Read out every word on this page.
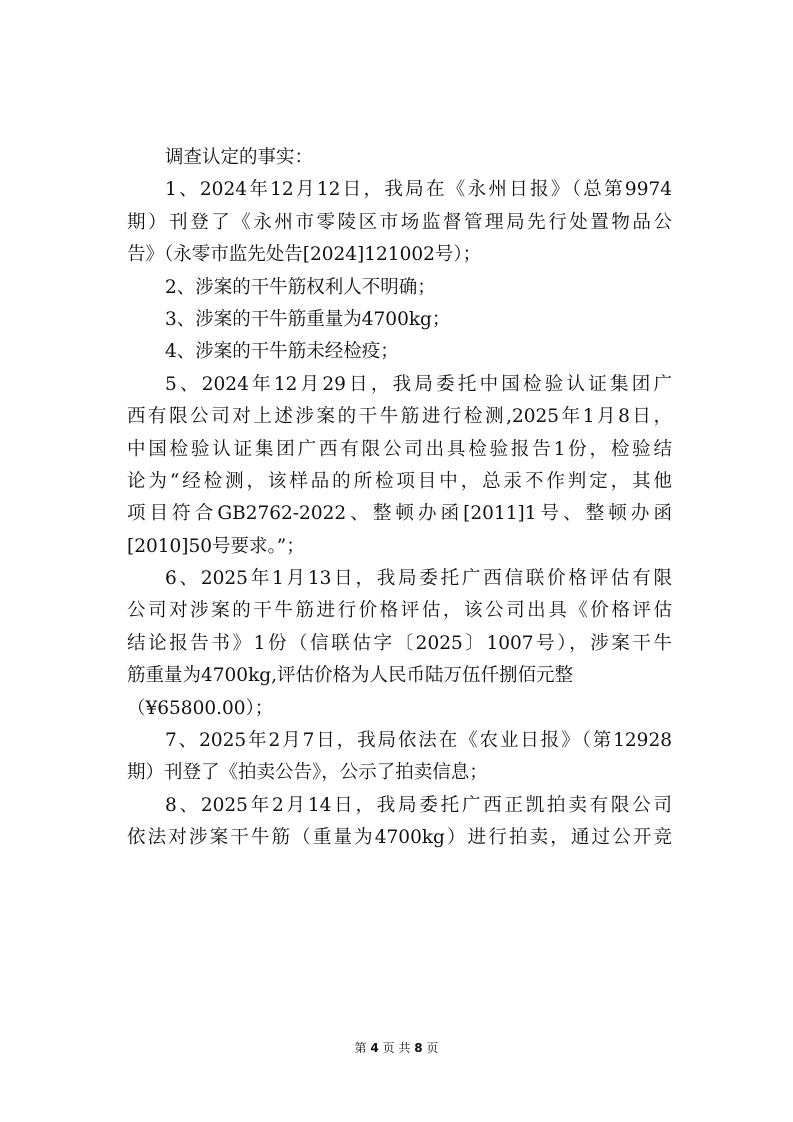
调查认定的事实：
1、2024年12月12日，我局在《永州日报》（总第9974
期）刊登了《永州市零陵区市场监督管理局先行处置物品公
告》（永零市监先处告[2024]121002号）；
2、涉案的干牛筋权利人不明确；
3、涉案的干牛筋重量为4700kg；
4、涉案的干牛筋未经检疫；
5、2024年12月29日，我局委托中国检验认证集团广
西有限公司对上述涉案的干牛筋进行检测,2025年1月8日，
中国检验认证集团广西有限公司出具检验报告1份，检验结
论为“经检测，该样品的所检项目中，总汞不作判定，其他
项目符合GB2762-2022、整顿办函[2011]1号、整顿办函
[2010]50号要求。”；
6、2025年1月13日，我局委托广西信联价格评估有限
公司对涉案的干牛筋进行价格评估，该公司出具《价格评估
结论报告书》1份（信联估字〔2025〕1007号），涉案干牛
筋重量为4700kg,评估价格为人民币陆万伍仟捌佰元整
（¥65800.00）；
7、2025年2月7日，我局依法在《农业日报》（第12928
期）刊登了《拍卖公告》，公示了拍卖信息；
8、2025年2月14日，我局委托广西正凯拍卖有限公司
依法对涉案干牛筋（重量为4700kg）进行拍卖，通过公开竞
第 4 页 共 8 页
